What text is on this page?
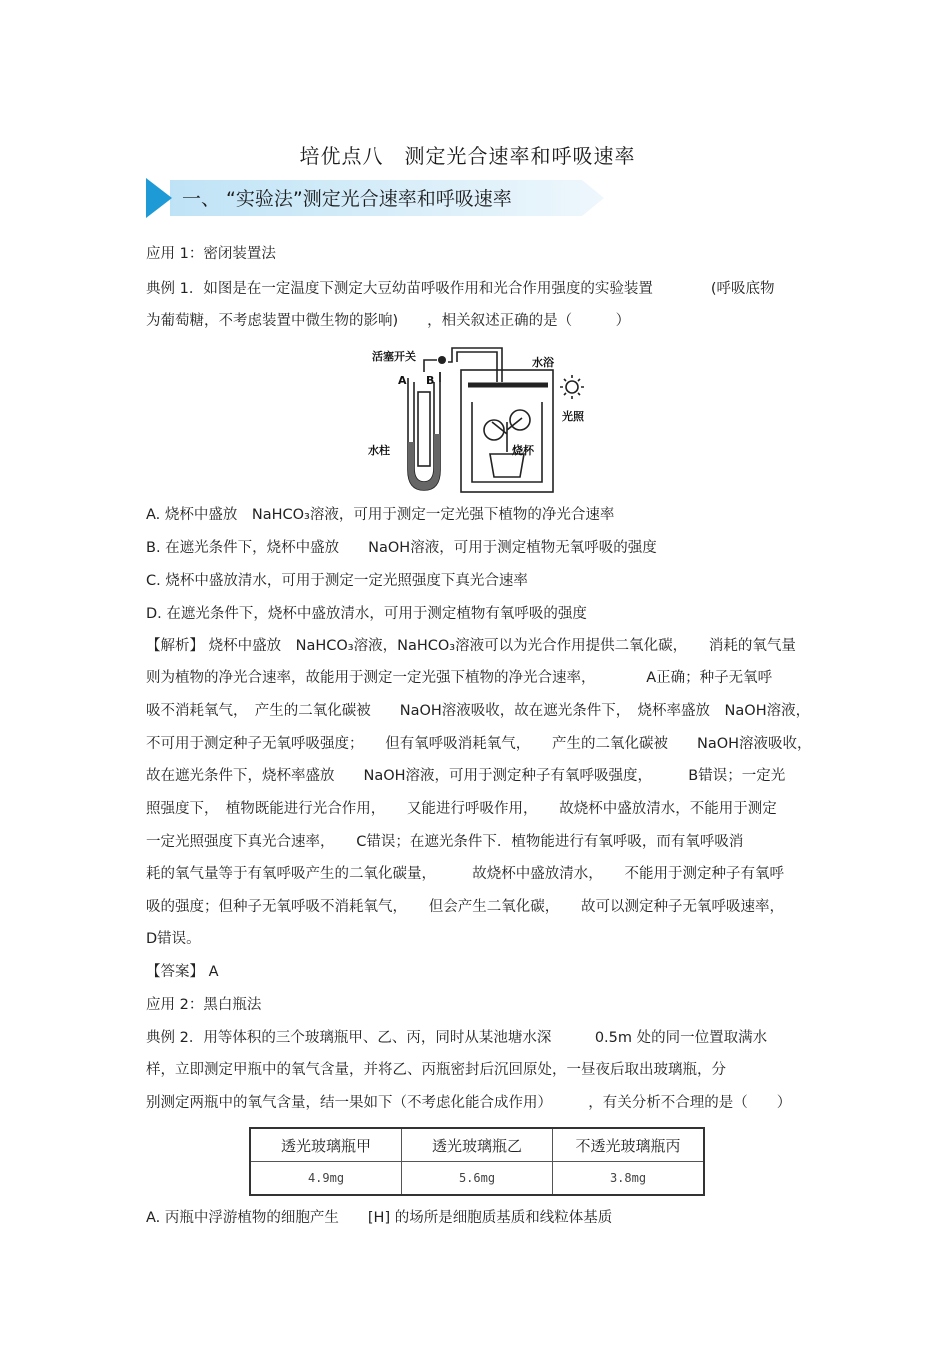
培优点八　测定光合速率和呼吸速率
一、 “实验法”测定光合速率和呼吸速率
应用 1：密闭装置法
典例 1．如图是在一定温度下测定大豆幼苗呼吸作用和光合作用强度的实验装置　　　　(呼吸底物
为葡萄糖，不考虑装置中微生物的影响)　　，相关叙述正确的是（　　　）
活塞开关
A B
水浴
光照
水柱	烧杯
A. 烧杯中盛放　NaHCO₃溶液，可用于测定一定光强下植物的净光合速率
B. 在遮光条件下，烧杯中盛放　　NaOH溶液，可用于测定植物无氧呼吸的强度
C. 烧杯中盛放清水，可用于测定一定光照强度下真光合速率
D. 在遮光条件下，烧杯中盛放清水，可用于测定植物有氧呼吸的强度
【解析】 烧杯中盛放　NaHCO₃溶液，NaHCO₃溶液可以为光合作用提供二氧化碳，　　消耗的氧气量
则为植物的净光合速率，故能用于测定一定光强下植物的净光合速率，　　　　A正确；种子无氧呼
吸不消耗氧气，　产生的二氧化碳被　　NaOH溶液吸收，故在遮光条件下，　烧杯率盛放　NaOH溶液，
不可用于测定种子无氧呼吸强度；　　但有氧呼吸消耗氧气，　　产生的二氧化碳被　　NaOH溶液吸收，
故在遮光条件下，烧杯率盛放　　NaOH溶液，可用于测定种子有氧呼吸强度，　　　B错误；一定光
照强度下，　植物既能进行光合作用，　　又能进行呼吸作用，　　故烧杯中盛放清水，不能用于测定
一定光照强度下真光合速率，　　C错误；在遮光条件下．植物能进行有氧呼吸，而有氧呼吸消
耗的氧气量等于有氧呼吸产生的二氧化碳量，　　　故烧杯中盛放清水，　　不能用于测定种子有氧呼
吸的强度；但种子无氧呼吸不消耗氧气，　　但会产生二氧化碳，　　故可以测定种子无氧呼吸速率，
D错误。
【答案】 A
应用 2：黑白瓶法
典例 2．用等体积的三个玻璃瓶甲、乙、丙，同时从某池塘水深　　　0.5m 处的同一位置取满水
样，立即测定甲瓶中的氧气含量，并将乙、丙瓶密封后沉回原处，一昼夜后取出玻璃瓶，分
别测定两瓶中的氧气含量，结一果如下（不考虑化能合成作用）　　　，有关分析不合理的是（　　）
透光玻璃瓶甲	透光玻璃瓶乙	不透光玻璃瓶丙
4.9mg	5.6mg	3.8mg
A. 丙瓶中浮游植物的细胞产生　　[H] 的场所是细胞质基质和线粒体基质
